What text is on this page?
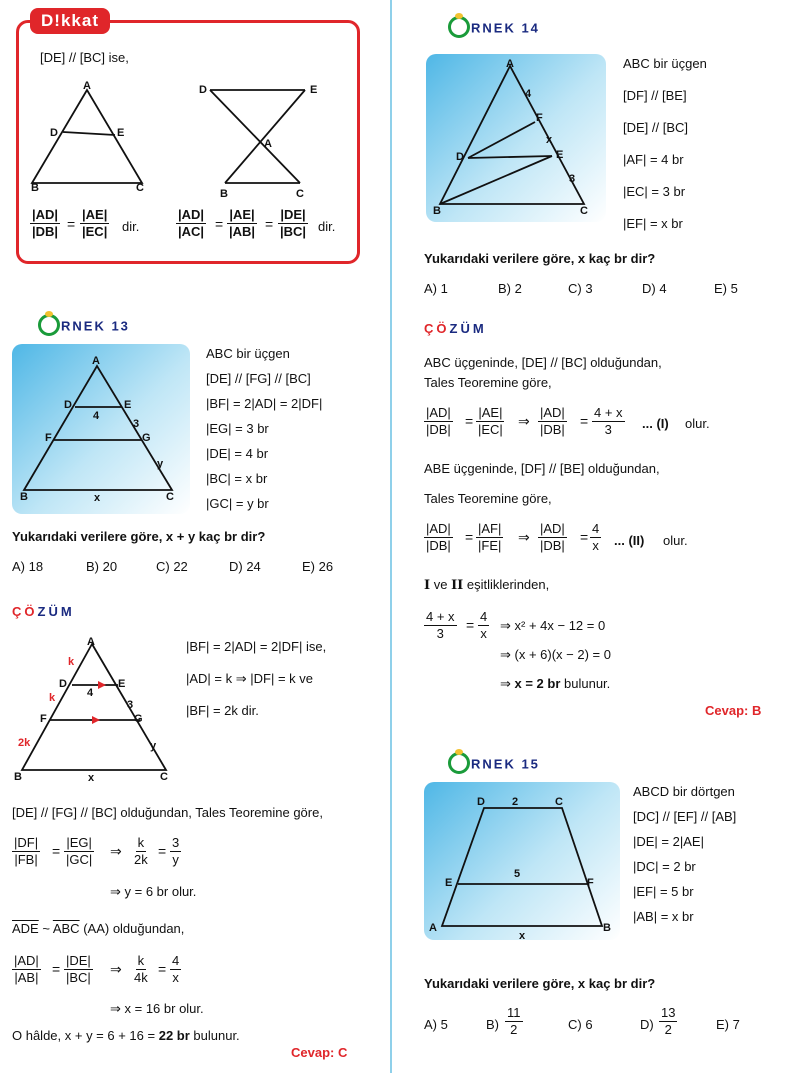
D!kkat
[DE] // [BC] ise,
A
D	E
B	C
D	E
A
B	C
$\frac{|AD|}{|DB|} = \frac{|AE|}{|EC|}$ dir.	$\frac{|AD|}{|AC|} = \frac{|AE|}{|AB|} = \frac{|DE|}{|BC|}$ dir.
RNEK 13
A
D	E
4
3
F	G
y
B	x	C
ABC bir üçgen
[DE] // [FG] // [BC]
|BF| = 2|AD| = 2|DF|
|EG| = 3 br
|DE| = 4 br
|BC| = x br
|GC| = y br
Yukarıdaki verilere göre, x + y kaç br dir?
A) 18	B) 20	C) 22	D) 24	E) 26
ÇÖZÜM
A
k
D	E
4
k
3
F	G
2k	y
B	x	C
|BF| = 2|AD| = 2|DF| ise,
|AD| = k ⇒ |DF| = k ve
|BF| = 2k dir.
[DE] // [FG] // [BC] olduğundan, Tales Teoremine göre,
$\frac{|DF|}{|FB|} = \frac{|EG|}{|GC|}$ ⇒ $\frac{k}{2k} = \frac{3}{y}$
⇒ y = 6 br olur.
$\overline{ADE}$ ~ $\overline{ABC}$ (AA) olduğundan,
$\frac{|AD|}{|AB|} = \frac{|DE|}{|BC|}$ ⇒ $\frac{k}{4k} = \frac{4}{x}$
⇒ x = 16 br olur.
O hâlde, x + y = 6 + 16 = 22 br bulunur.
Cevap: C
RNEK 14
A
4
F
x
D	E
3
B	C
ABC bir üçgen
[DF] // [BE]
[DE] // [BC]
|AF| = 4 br
|EC| = 3 br
|EF| = x br
Yukarıdaki verilere göre, x kaç br dir?
A) 1	B) 2	C) 3	D) 4	E) 5
ÇÖZÜM
ABC üçgeninde, [DE] // [BC] olduğundan,
Tales Teoremine göre,
$\frac{|AD|}{|DB|} = \frac{|AE|}{|EC|}$ ⇒ $\frac{|AD|}{|DB|} = \frac{4 + x}{3}$ ... (I) olur.
ABE üçgeninde, [DF] // [BE] olduğundan,
Tales Teoremine göre,
$\frac{|AD|}{|DB|} = \frac{|AF|}{|FE|}$ ⇒ $\frac{|AD|}{|DB|} = \frac{4}{x}$ ... (II) olur.
I ve II eşitliklerinden,
$\frac{4 + x}{3} = \frac{4}{x}$ ⇒ x² + 4x − 12 = 0
⇒ (x + 6)(x − 2) = 0
⇒ x = 2 br bulunur.
Cevap: B
RNEK 15
D 2	C
5
E	F
A
x
B
ABCD bir dörtgen
[DC] // [EF] // [AB]
|DE| = 2|AE|
|DC| = 2 br
|EF| = 5 br
|AB| = x br
Yukarıdaki verilere göre, x kaç br dir?
A) 5	$B) \frac{11}{2}$	C) 6	$D) \frac{13}{2}$	E) 7
